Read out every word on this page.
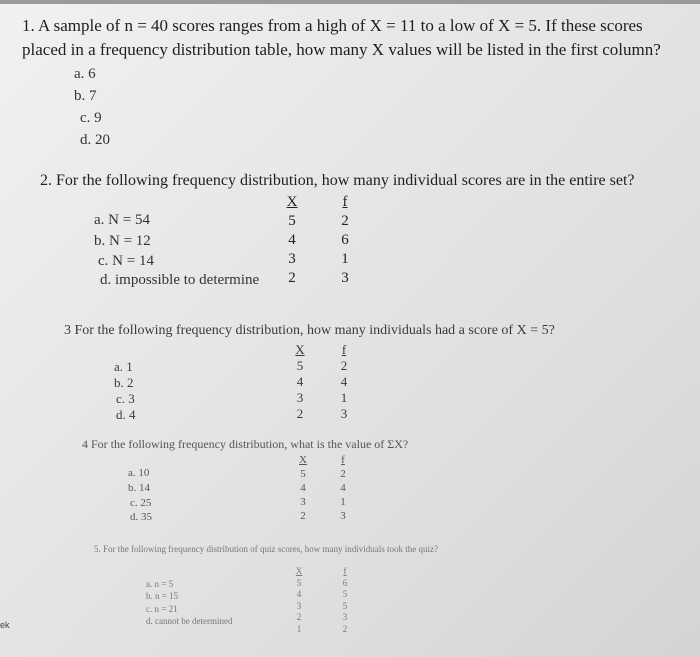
1. A sample of n = 40 scores ranges from a high of X = 11 to a low of X = 5. If these scores
placed in a frequency distribution table, how many X values will be listed in the first column?
a. 6
b. 7
c. 9
d. 20
2. For the following frequency distribution, how many individual scores are in the entire set?
a. N = 54
b. N = 12
c. N = 14
d. impossible to determine
X
5
4
3
2
f
2
6
1
3
3 For the following frequency distribution, how many individuals had a score of X = 5?
a. 1
b. 2
c. 3
d. 4
X
5
4
3
2
f
2
4
1
3
4 For the following frequency distribution, what is the value of ΣX?
a. 10
b. 14
c. 25
d. 35
X
5
4
3
2
f
2
4
1
3
5. For the following frequency distribution of quiz scores, how many individuals took the quiz?
a. n = 5
b. n = 15
c. n = 21
d. cannot be determined
X
5
4
3
2
1
f
6
5
5
3
2
ek
